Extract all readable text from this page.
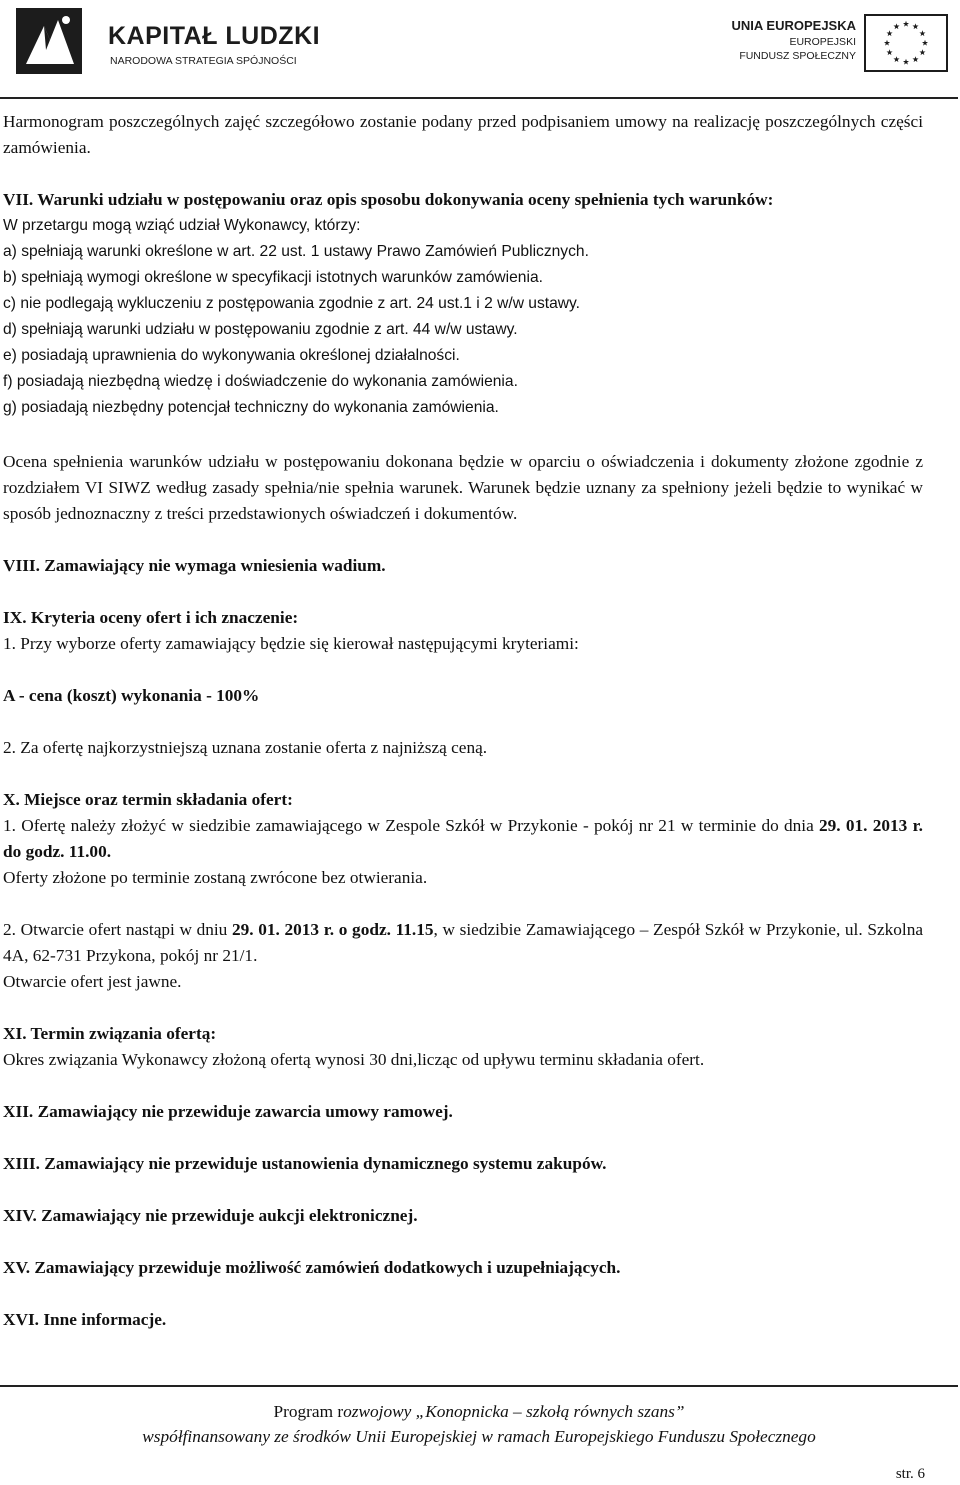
KAPITAŁ LUDZKI
NARODOWA STRATEGIA SPÓJNOŚCI
UNIA EUROPEJSKA
EUROPEJSKI
FUNDUSZ SPOŁECZNY

Harmonogram poszczególnych zajęć szczegółowo zostanie podany przed podpisaniem umowy na realizację poszczególnych części zamówienia.

VII. Warunki udziału w postępowaniu oraz opis sposobu dokonywania oceny spełnienia tych warunków:

W przetargu mogą wziąć udział Wykonawcy, którzy:

a) spełniają warunki określone w art. 22 ust. 1 ustawy Prawo Zamówień Publicznych.

b) spełniają wymogi określone w specyfikacji istotnych warunków zamówienia.

c) nie podlegają wykluczeniu z postępowania zgodnie z art. 24 ust.1 i 2 w/w ustawy.

d) spełniają warunki udziału w postępowaniu zgodnie z art. 44 w/w ustawy.

e) posiadają uprawnienia do wykonywania określonej działalności.

f) posiadają niezbędną wiedzę i doświadczenie do wykonania zamówienia.

g) posiadają niezbędny potencjał techniczny do wykonania zamówienia.

Ocena spełnienia warunków udziału w postępowaniu dokonana będzie w oparciu o oświadczenia i dokumenty złożone zgodnie z rozdziałem VI SIWZ według zasady spełnia/nie spełnia warunek. Warunek będzie uznany za spełniony jeżeli będzie to wynikać w sposób jednoznaczny z treści przedstawionych oświadczeń i dokumentów.

VIII. Zamawiający nie wymaga wniesienia wadium.

IX. Kryteria oceny ofert i ich znaczenie:

1. Przy wyborze oferty zamawiający będzie się kierował następującymi kryteriami:

A - cena (koszt) wykonania - 100%

2. Za ofertę najkorzystniejszą uznana zostanie oferta z najniższą ceną.

X. Miejsce oraz termin składania ofert:

1. Ofertę należy złożyć w siedzibie zamawiającego w Zespole Szkół w Przykonie - pokój nr 21 w terminie do dnia 29. 01. 2013 r. do godz. 11.00.

Oferty złożone po terminie zostaną zwrócone bez otwierania.

2. Otwarcie ofert nastąpi w dniu 29. 01. 2013 r. o godz. 11.15, w siedzibie Zamawiającego – Zespół Szkół w Przykonie, ul. Szkolna 4A, 62-731 Przykona, pokój nr 21/1.

Otwarcie ofert jest jawne.

XI. Termin związania ofertą:

Okres związania Wykonawcy złożoną ofertą wynosi 30 dni,licząc od upływu terminu składania ofert.

XII. Zamawiający nie przewiduje zawarcia umowy ramowej.

XIII. Zamawiający nie przewiduje ustanowienia dynamicznego systemu zakupów.

XIV. Zamawiający nie przewiduje aukcji elektronicznej.

XV. Zamawiający przewiduje możliwość zamówień dodatkowych i uzupełniających.

XVI. Inne informacje.

Program rozwojowy „Konopnicka – szkołą równych szans”
współfinansowany ze środków Unii Europejskiej w ramach Europejskiego Funduszu Społecznego
str. 6
